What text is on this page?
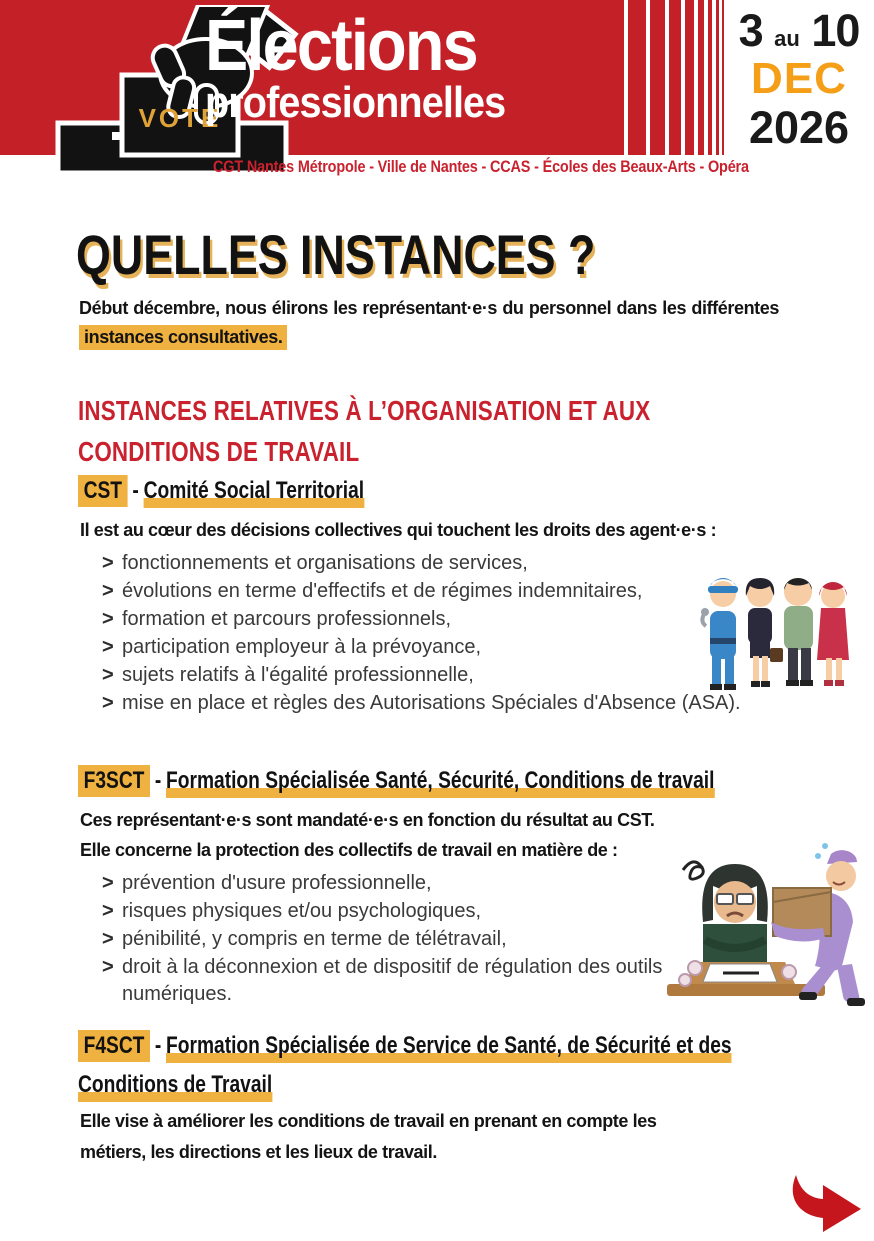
VOTE
Élections
professionnelles
3 au 10
DEC
2026
CGT Nantes Métropole - Ville de Nantes - CCAS - Écoles des Beaux-Arts - Opéra
QUELLES INSTANCES ?

Début décembre, nous élirons les représentant·e·s du personnel dans les différentes instances consultatives.

INSTANCES RELATIVES À L’ORGANISATION ET AUX CONDITIONS DE TRAVAIL
CST - Comité Social Territorial

Il est au cœur des décisions collectives qui touchent les droits des agent·e·s :

> fonctionnements et organisations de services,
> évolutions en terme d'effectifs et de régimes indemnitaires,
> formation et parcours professionnels,
> participation employeur à la prévoyance,
> sujets relatifs à l'égalité professionnelle,
> mise en place et règles des Autorisations Spéciales d'Absence (ASA).
F3SCT - Formation Spécialisée Santé, Sécurité, Conditions de travail

Ces représentant·e·s sont mandaté·e·s en fonction du résultat au CST.

Elle concerne la protection des collectifs de travail en matière de :

> prévention d'usure professionnelle,
> risques physiques et/ou psychologiques,
> pénibilité, y compris en terme de télétravail,
> droit à la déconnexion et de dispositif de régulation des outils numériques.
F4SCT - Formation Spécialisée de Service de Santé, de Sécurité et des Conditions de Travail

Elle vise à améliorer les conditions de travail en prenant en compte les métiers, les directions et les lieux de travail.
